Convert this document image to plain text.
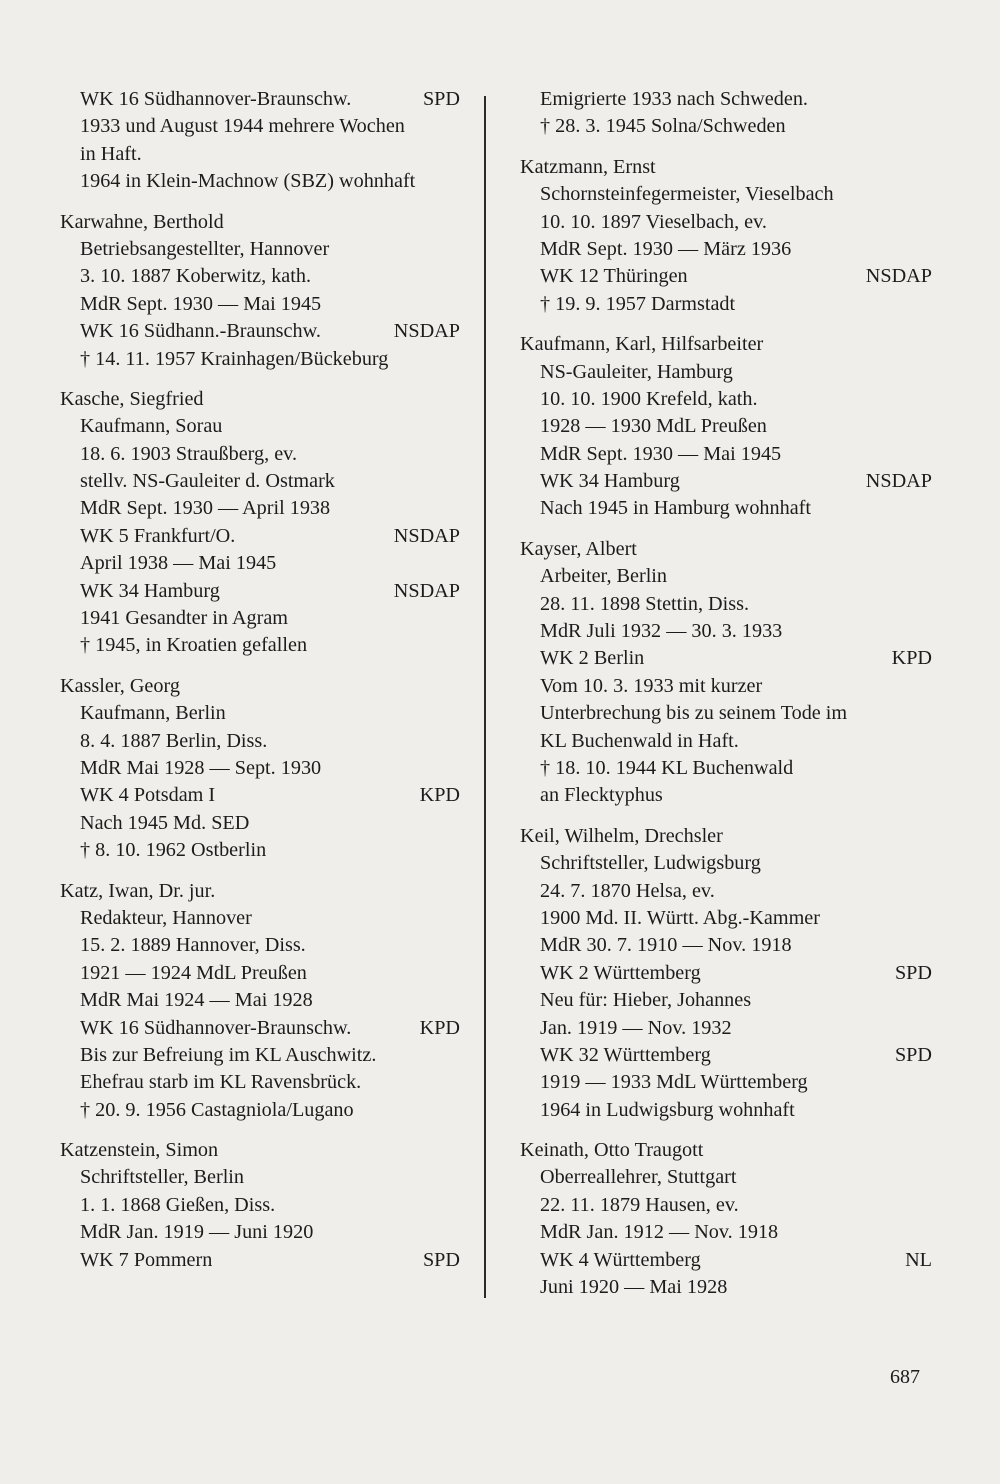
WK 16 Südhannover-Braunschw.	SPD
1933 und August 1944 mehrere Wochen
in Haft.
1964 in Klein-Machnow (SBZ) wohnhaft
Karwahne, Berthold
Betriebsangestellter, Hannover
3. 10. 1887 Koberwitz, kath.
MdR Sept. 1930 — Mai 1945
WK 16 Südhann.-Braunschw.	NSDAP
† 14. 11. 1957 Krainhagen/Bückeburg
Kasche, Siegfried
Kaufmann, Sorau
18. 6. 1903 Straußberg, ev.
stellv. NS-Gauleiter d. Ostmark
MdR Sept. 1930 — April 1938
WK 5 Frankfurt/O.	NSDAP
April 1938 — Mai 1945
WK 34 Hamburg	NSDAP
1941 Gesandter in Agram
† 1945, in Kroatien gefallen
Kassler, Georg
Kaufmann, Berlin
8. 4. 1887 Berlin, Diss.
MdR Mai 1928 — Sept. 1930
WK 4 Potsdam I	KPD
Nach 1945 Md. SED
† 8. 10. 1962 Ostberlin
Katz, Iwan, Dr. jur.
Redakteur, Hannover
15. 2. 1889 Hannover, Diss.
1921 — 1924 MdL Preußen
MdR Mai 1924 — Mai 1928
WK 16 Südhannover-Braunschw.	KPD
Bis zur Befreiung im KL Auschwitz.
Ehefrau starb im KL Ravensbrück.
† 20. 9. 1956 Castagniola/Lugano
Katzenstein, Simon
Schriftsteller, Berlin
1. 1. 1868 Gießen, Diss.
MdR Jan. 1919 — Juni 1920
WK 7 Pommern	SPD
Emigrierte 1933 nach Schweden.
† 28. 3. 1945 Solna/Schweden
Katzmann, Ernst
Schornsteinfegermeister, Vieselbach
10. 10. 1897 Vieselbach, ev.
MdR Sept. 1930 — März 1936
WK 12 Thüringen	NSDAP
† 19. 9. 1957 Darmstadt
Kaufmann, Karl, Hilfsarbeiter
NS-Gauleiter, Hamburg
10. 10. 1900 Krefeld, kath.
1928 — 1930 MdL Preußen
MdR Sept. 1930 — Mai 1945
WK 34 Hamburg	NSDAP
Nach 1945 in Hamburg wohnhaft
Kayser, Albert
Arbeiter, Berlin
28. 11. 1898 Stettin, Diss.
MdR Juli 1932 — 30. 3. 1933
WK 2 Berlin	KPD
Vom 10. 3. 1933 mit kurzer
Unterbrechung bis zu seinem Tode im
KL Buchenwald in Haft.
† 18. 10. 1944 KL Buchenwald
an Flecktyphus
Keil, Wilhelm, Drechsler
Schriftsteller, Ludwigsburg
24. 7. 1870 Helsa, ev.
1900 Md. II. Württ. Abg.-Kammer
MdR 30. 7. 1910 — Nov. 1918
WK 2 Württemberg	SPD
Neu für: Hieber, Johannes
Jan. 1919 — Nov. 1932
WK 32 Württemberg	SPD
1919 — 1933 MdL Württemberg
1964 in Ludwigsburg wohnhaft
Keinath, Otto Traugott
Oberreallehrer, Stuttgart
22. 11. 1879 Hausen, ev.
MdR Jan. 1912 — Nov. 1918
WK 4 Württemberg	NL
Juni 1920 — Mai 1928
687
